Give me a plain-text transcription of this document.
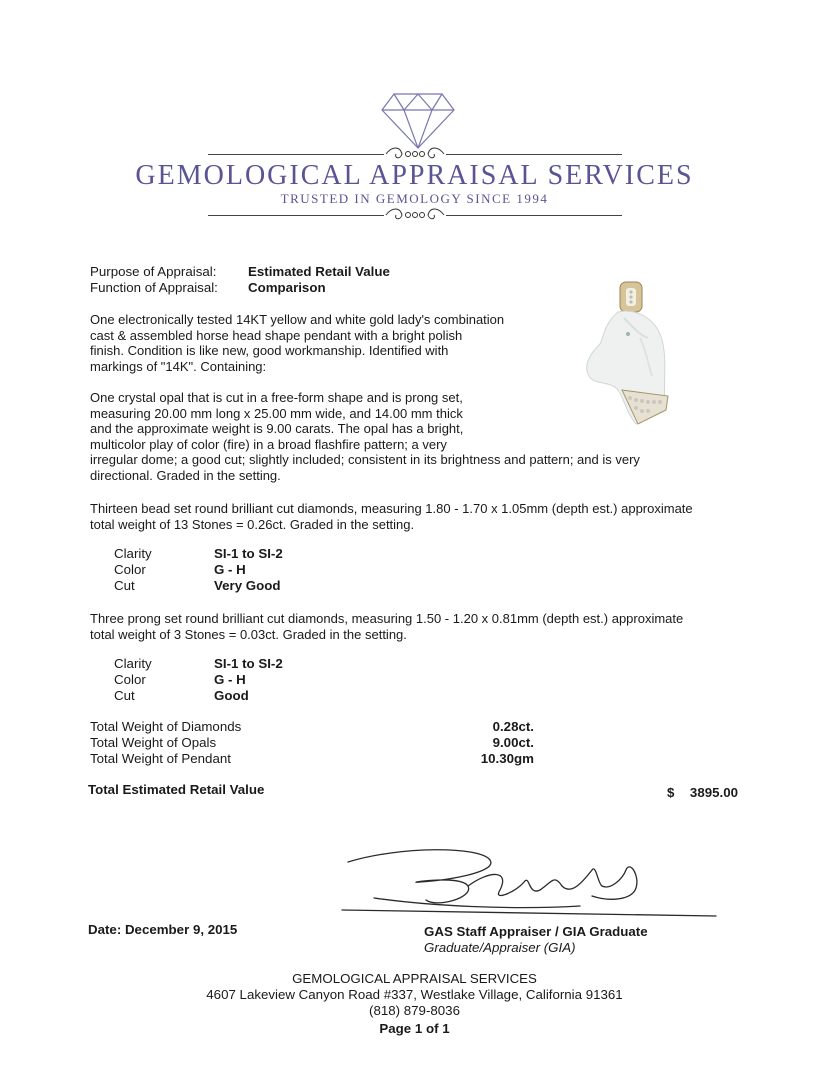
GEMOLOGICAL APPRAISAL SERVICES
TRUSTED IN GEMOLOGY SINCE 1994
Purpose of Appraisal: Estimated Retail Value
Function of Appraisal: Comparison
One electronically tested 14KT yellow and white gold lady's combination
cast & assembled horse head shape pendant with a bright polish
finish. Condition is like new, good workmanship. Identified with
markings of "14K". Containing:
One crystal opal that is cut in a free-form shape and is prong set,
measuring 20.00 mm long x 25.00 mm wide, and 14.00 mm thick
and the approximate weight is 9.00 carats. The opal has a bright,
multicolor play of color (fire) in a broad flashfire pattern; a very
irregular dome; a good cut; slightly included; consistent in its brightness and pattern; and is very
directional. Graded in the setting.
Thirteen bead set round brilliant cut diamonds, measuring 1.80 - 1.70 x 1.05mm (depth est.) approximate
total weight of 13 Stones = 0.26ct. Graded in the setting.
Clarity	SI-1 to SI-2
Color	G - H
Cut	Very Good
Three prong set round brilliant cut diamonds, measuring 1.50 - 1.20 x 0.81mm (depth est.) approximate
total weight of 3 Stones = 0.03ct. Graded in the setting.
Clarity	SI-1 to SI-2
Color	G - H
Cut	Good
Total Weight of Diamonds	0.28ct.
Total Weight of Opals	9.00ct.
Total Weight of Pendant	10.30gm
Total Estimated Retail Value	$	3895.00
Date: December 9, 2015	GAS Staff Appraiser / GIA Graduate
Graduate/Appraiser (GIA)
GEMOLOGICAL APPRAISAL SERVICES
4607 Lakeview Canyon Road #337, Westlake Village, California 91361
(818) 879-8036
Page 1 of 1
